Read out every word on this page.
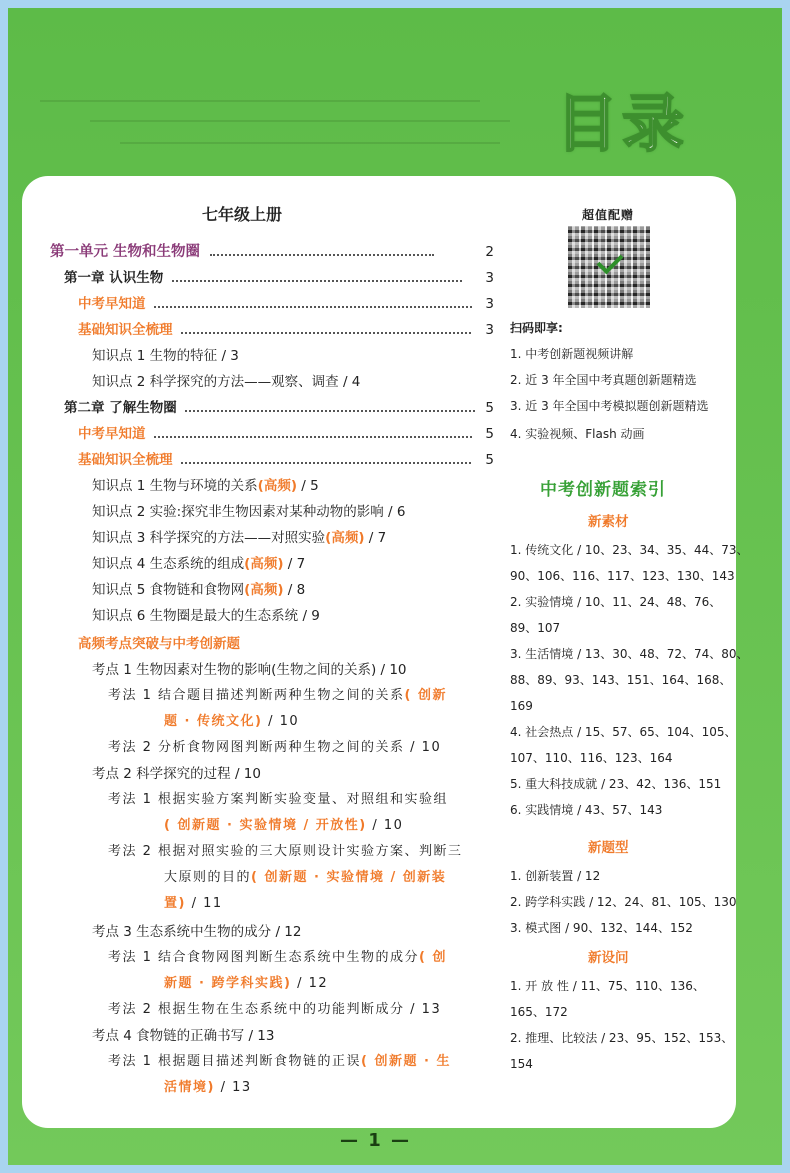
目录
七年级上册
第一单元 生物和生物圈	2
第一章 认识生物	3
中考早知道	3
基础知识全梳理	3
知识点 1 生物的特征 / 3
知识点 2 科学探究的方法——观察、调查 / 4
第二章 了解生物圈	5
中考早知道	5
基础知识全梳理	5
知识点 1 生物与环境的关系(高频) / 5
知识点 2 实验:探究非生物因素对某种动物的影响 / 6
知识点 3 科学探究的方法——对照实验(高频) / 7
知识点 4 生态系统的组成(高频) / 7
知识点 5 食物链和食物网(高频) / 8
知识点 6 生物圈是最大的生态系统 / 9
高频考点突破与中考创新题
考点 1 生物因素对生物的影响(生物之间的关系) / 10
考法 1 结合题目描述判断两种生物之间的关系( 创新
题 · 传统文化) / 10
考法 2 分析食物网图判断两种生物之间的关系 / 10
考点 2 科学探究的过程 / 10
考法 1 根据实验方案判断实验变量、对照组和实验组
( 创新题 · 实验情境 / 开放性) / 10
考法 2 根据对照实验的三大原则设计实验方案、判断三
大原则的目的( 创新题 · 实验情境 / 创新装
置) / 11
考点 3 生态系统中生物的成分 / 12
考法 1 结合食物网图判断生态系统中生物的成分( 创
新题 · 跨学科实践) / 12
考法 2 根据生物在生态系统中的功能判断成分 / 13
考点 4 食物链的正确书写 / 13
考法 1 根据题目描述判断食物链的正误( 创新题 · 生
活情境) / 13
超值配赠
扫码即享:
1. 中考创新题视频讲解
2. 近 3 年全国中考真题创新题精选
3. 近 3 年全国中考模拟题创新题精选
4. 实验视频、Flash 动画
中考创新题索引
新素材
1. 传统文化 / 10、23、34、35、44、73、
90、106、116、117、123、130、143
2. 实验情境 / 10、11、24、48、76、
89、107
3. 生活情境 / 13、30、48、72、74、80、
88、89、93、143、151、164、168、
169
4. 社会热点 / 15、57、65、104、105、
107、110、116、123、164
5. 重大科技成就 / 23、42、136、151
6. 实践情境 / 43、57、143
新题型
1. 创新装置 / 12
2. 跨学科实践 / 12、24、81、105、130
3. 模式图 / 90、132、144、152
新设问
1. 开 放 性 / 11、75、110、136、
165、172
2. 推理、比较法 / 23、95、152、153、
154
— 1 —
